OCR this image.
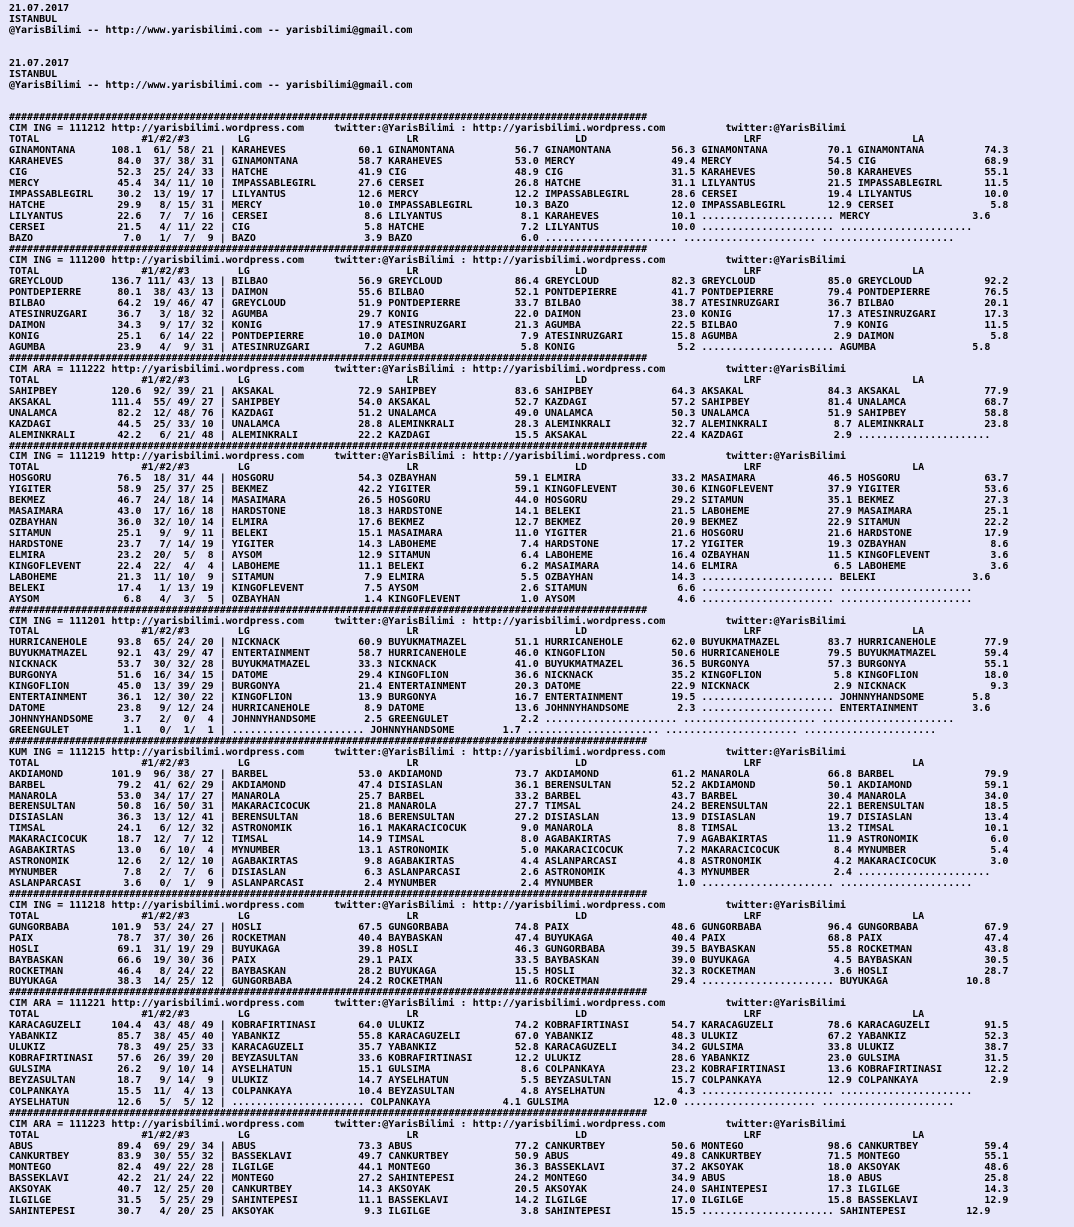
21.07.2017
ISTANBUL
@YarisBilimi -- http://www.yarisbilimi.com -- yarisbilimi@gmail.com

21.07.2017
ISTANBUL
@YarisBilimi -- http://www.yarisbilimi.com -- yarisbilimi@gmail.com

##########################################################################################################
CIM ING = 111212 http://yarisbilimi.wordpress.com     twitter:@YarisBilimi : http://yarisbilimi.wordpress.com          twitter:@YarisBilimi
TOTAL                 #1/#2/#3        LG                          LR                          LD                          LRF                         LA
GINAMONTANA      108.1  61/ 58/ 21 | KARAHEVES            60.1 GINAMONTANA          56.7 GINAMONTANA          56.3 GINAMONTANA          70.1 GINAMONTANA          74.3
KARAHEVES         84.0  37/ 38/ 31 | GINAMONTANA          58.7 KARAHEVES            53.0 MERCY                49.4 MERCY                54.5 CIG                  68.9
CIG               52.3  25/ 24/ 33 | HATCHE               41.9 CIG                  48.9 CIG                  31.5 KARAHEVES            50.8 KARAHEVES            55.1
MERCY             45.4  34/ 11/ 10 | IMPASSABLEGIRL       27.6 CERSEI               26.8 HATCHE               31.1 LILYANTUS            21.5 IMPASSABLEGIRL       11.5
IMPASSABLEGIRL    30.2  13/ 19/ 17 | LILYANTUS            12.6 MERCY                12.2 IMPASSABLEGIRL       28.6 CERSEI               19.4 LILYANTUS            10.0
HATCHE            29.9   8/ 15/ 31 | MERCY                10.0 IMPASSABLEGIRL       10.3 BAZO                 12.0 IMPASSABLEGIRL       12.9 CERSEI                5.8
LILYANTUS         22.6   7/  7/ 16 | CERSEI                8.6 LILYANTUS             8.1 KARAHEVES            10.1 ...................... MERCY                 3.6
CERSEI            21.5   4/ 11/ 22 | CIG                   5.8 HATCHE                7.2 LILYANTUS            10.0 ...................... ......................
BAZO               7.0   1/  7/  9 | BAZO                  3.9 BAZO                  6.0 ...................... ...................... ......................
##########################################################################################################
CIM ING = 111200 http://yarisbilimi.wordpress.com     twitter:@YarisBilimi : http://yarisbilimi.wordpress.com          twitter:@YarisBilimi
TOTAL                 #1/#2/#3        LG                          LR                          LD                          LRF                         LA
GREYCLOUD        136.7 111/ 43/ 13 | BILBAO               56.9 GREYCLOUD            86.4 GREYCLOUD            82.3 GREYCLOUD            85.0 GREYCLOUD            92.2
PONTDEPIERRE      80.1  38/ 43/ 13 | DAIMON               55.6 BILBAO               52.1 PONTDEPIERRE         41.7 PONTDEPIERRE         79.4 PONTDEPIERRE         76.5
BILBAO            64.2  19/ 46/ 47 | GREYCLOUD            51.9 PONTDEPIERRE         33.7 BILBAO               38.7 ATESINRUZGARI        36.7 BILBAO               20.1
ATESINRUZGARI     36.7   3/ 18/ 32 | AGUMBA               29.7 KONIG                22.0 DAIMON               23.0 KONIG                17.3 ATESINRUZGARI        17.3
DAIMON            34.3   9/ 17/ 32 | KONIG                17.9 ATESINRUZGARI        21.3 AGUMBA               22.5 BILBAO                7.9 KONIG                11.5
KONIG             25.1   6/ 14/ 22 | PONTDEPIERRE         10.0 DAIMON                7.9 ATESINRUZGARI        15.8 AGUMBA                2.9 DAIMON                5.8
AGUMBA            23.9   4/  9/ 31 | ATESINRUZGARI         7.2 AGUMBA                5.8 KONIG                 5.2 ...................... AGUMBA                5.8
##########################################################################################################
CIM ARA = 111222 http://yarisbilimi.wordpress.com     twitter:@YarisBilimi : http://yarisbilimi.wordpress.com          twitter:@YarisBilimi
TOTAL                 #1/#2/#3        LG                          LR                          LD                          LRF                         LA
SAHIPBEY         120.6  92/ 39/ 21 | AKSAKAL              72.9 SAHIPBEY             83.6 SAHIPBEY             64.3 AKSAKAL              84.3 AKSAKAL              77.9
AKSAKAL          111.4  55/ 49/ 27 | SAHIPBEY             54.0 AKSAKAL              52.7 KAZDAGI              57.2 SAHIPBEY             81.4 UNALAMCA             68.7
UNALAMCA          82.2  12/ 48/ 76 | KAZDAGI              51.2 UNALAMCA             49.0 UNALAMCA             50.3 UNALAMCA             51.9 SAHIPBEY             58.8
KAZDAGI           44.5  25/ 33/ 10 | UNALAMCA             28.8 ALEMINKRALI          28.3 ALEMINKRALI          32.7 ALEMINKRALI           8.7 ALEMINKRALI          23.8
ALEMINKRALI       42.2   6/ 21/ 48 | ALEMINKRALI          22.2 KAZDAGI              15.5 AKSAKAL              22.4 KAZDAGI               2.9 ......................
##########################################################################################################
CIM ING = 111219 http://yarisbilimi.wordpress.com     twitter:@YarisBilimi : http://yarisbilimi.wordpress.com          twitter:@YarisBilimi
TOTAL                 #1/#2/#3        LG                          LR                          LD                          LRF                         LA
HOSGORU           76.5  18/ 31/ 44 | HOSGORU              54.3 OZBAYHAN             59.1 ELMIRA               33.2 MASAIMARA            46.5 HOSGORU              63.7
YIGITER           58.9  25/ 37/ 25 | BEKMEZ               42.2 YIGITER              59.1 KINGOFLEVENT         30.6 KINGOFLEVENT         37.9 YIGITER              53.6
BEKMEZ            46.7  24/ 18/ 14 | MASAIMARA            26.5 HOSGORU              44.0 HOSGORU              29.2 SITAMUN              35.1 BEKMEZ               27.3
MASAIMARA         43.0  17/ 16/ 18 | HARDSTONE            18.3 HARDSTONE            14.1 BELEKI               21.5 LABOHEME             27.9 MASAIMARA            25.1
OZBAYHAN          36.0  32/ 10/ 14 | ELMIRA               17.6 BEKMEZ               12.7 BEKMEZ               20.9 BEKMEZ               22.9 SITAMUN              22.2
SITAMUN           25.1   9/  9/ 11 | BELEKI               15.1 MASAIMARA            11.0 YIGITER              21.6 HOSGORU              21.6 HARDSTONE            17.9
HARDSTONE         23.7   7/ 14/ 19 | YIGITER              14.3 LABOHEME              7.4 HARDSTONE            17.2 YIGITER              19.3 OZBAYHAN              8.6
ELMIRA            23.2  20/  5/  8 | AYSOM                12.9 SITAMUN               6.4 LABOHEME             16.4 OZBAYHAN             11.5 KINGOFLEVENT          3.6
KINGOFLEVENT      22.4  22/  4/  4 | LABOHEME             11.1 BELEKI                6.2 MASAIMARA            14.6 ELMIRA                6.5 LABOHEME              3.6
LABOHEME          21.3  11/ 10/  9 | SITAMUN               7.9 ELMIRA                5.5 OZBAYHAN             14.3 ...................... BELEKI                3.6
BELEKI            17.4   1/ 13/ 19 | KINGOFLEVENT          7.5 AYSOM                 2.6 SITAMUN               6.6 ...................... ......................
AYSOM              6.8   4/  3/  5 | OZBAYHAN              1.4 KINGOFLEVENT          1.0 AYSOM                 4.6 ...................... ......................
##########################################################################################################
CIM ING = 111201 http://yarisbilimi.wordpress.com     twitter:@YarisBilimi : http://yarisbilimi.wordpress.com          twitter:@YarisBilimi
TOTAL                 #1/#2/#3        LG                          LR                          LD                          LRF                         LA
HURRICANEHOLE     93.8  65/ 24/ 20 | NICKNACK             60.9 BUYUKMATMAZEL        51.1 HURRICANEHOLE        62.0 BUYUKMATMAZEL        83.7 HURRICANEHOLE        77.9
BUYUKMATMAZEL     92.1  43/ 29/ 47 | ENTERTAINMENT        58.7 HURRICANEHOLE        46.0 KINGOFLION           50.6 HURRICANEHOLE        79.5 BUYUKMATMAZEL        59.4
NICKNACK          53.7  30/ 32/ 28 | BUYUKMATMAZEL        33.3 NICKNACK             41.0 BUYUKMATMAZEL        36.5 BURGONYA             57.3 BURGONYA             55.1
BURGONYA          51.6  16/ 34/ 15 | DATOME               29.4 KINGOFLION           36.6 NICKNACK             35.2 KINGOFLION            5.8 KINGOFLION           18.0
KINGOFLION        45.0  13/ 39/ 29 | BURGONYA             21.4 ENTERTAINMENT        20.3 DATOME               22.9 NICKNACK              2.9 NICKNACK              9.3
ENTERTAINMENT     36.1  12/ 30/ 22 | KINGOFLION           13.9 BURGONYA             16.7 ENTERTAINMENT        19.5 ...................... JOHNNYHANDSOME        5.8
DATOME            23.8   9/ 12/ 24 | HURRICANEHOLE         8.9 DATOME               13.6 JOHNNYHANDSOME        2.3 ...................... ENTERTAINMENT         3.6
JOHNNYHANDSOME     3.7   2/  0/  4 | JOHNNYHANDSOME        2.5 GREENGULET            2.2 ...................... ...................... ......................
GREENGULET         1.1   0/  1/  1 | ...................... JOHNNYHANDSOME        1.7 ...................... ...................... ......................
##########################################################################################################
KUM ING = 111215 http://yarisbilimi.wordpress.com     twitter:@YarisBilimi : http://yarisbilimi.wordpress.com          twitter:@YarisBilimi
TOTAL                 #1/#2/#3        LG                          LR                          LD                          LRF                         LA
AKDIAMOND        101.9  96/ 38/ 27 | BARBEL               53.0 AKDIAMOND            73.7 AKDIAMOND            61.2 MANAROLA             66.8 BARBEL               79.9
BARBEL            79.2  41/ 62/ 29 | AKDIAMOND            47.4 DISIASLAN            36.1 BERENSULTAN          52.2 AKDIAMOND            50.1 AKDIAMOND            59.1
MANAROLA          53.0  34/ 17/ 27 | MANAROLA             25.7 BARBEL               33.2 BARBEL               43.7 BARBEL               30.4 MANAROLA             34.0
BERENSULTAN       50.8  16/ 50/ 31 | MAKARACICOCUK        21.8 MANAROLA             27.7 TIMSAL               24.2 BERENSULTAN          22.1 BERENSULTAN          18.5
DISIASLAN         36.3  13/ 12/ 41 | BERENSULTAN          18.6 BERENSULTAN          27.2 DISIASLAN            13.9 DISIASLAN            19.7 DISIASLAN            13.4
TIMSAL            24.1   6/ 12/ 32 | ASTRONOMIK           16.1 MAKARACICOCUK         9.0 MANAROLA              8.8 TIMSAL               13.2 TIMSAL               10.1
MAKARACICOCUK     18.7  12/  7/ 12 | TIMSAL               14.9 TIMSAL                8.0 AGABAKIRTAS           7.9 AGABAKIRTAS          11.9 ASTRONOMIK            6.0
AGABAKIRTAS       13.0   6/ 10/  4 | MYNUMBER             13.1 ASTRONOMIK            5.0 MAKARACICOCUK         7.2 MAKARACICOCUK         8.4 MYNUMBER              5.4
ASTRONOMIK        12.6   2/ 12/ 10 | AGABAKIRTAS           9.8 AGABAKIRTAS           4.4 ASLANPARCASI          4.8 ASTRONOMIK            4.2 MAKARACICOCUK         3.0
MYNUMBER           7.8   2/  7/  6 | DISIASLAN             6.3 ASLANPARCASI          2.6 ASTRONOMIK            4.3 MYNUMBER              2.4 ......................
ASLANPARCASI       3.6   0/  1/  9 | ASLANPARCASI          2.4 MYNUMBER              2.4 MYNUMBER              1.0 ...................... ......................
##########################################################################################################
CIM ING = 111218 http://yarisbilimi.wordpress.com     twitter:@YarisBilimi : http://yarisbilimi.wordpress.com          twitter:@YarisBilimi
TOTAL                 #1/#2/#3        LG                          LR                          LD                          LRF                         LA
GUNGORBABA       101.9  53/ 24/ 27 | HOSLI                67.5 GUNGORBABA           74.8 PAIX                 48.6 GUNGORBABA           96.4 GUNGORBABA           67.9
PAIX              78.7  37/ 30/ 26 | ROCKETMAN            40.4 BAYBASKAN            47.4 BUYUKAGA             40.4 PAIX                 68.8 PAIX                 47.4
HOSLI             69.1  31/ 19/ 29 | BUYUKAGA             39.8 HOSLI                46.3 GUNGORBABA           39.5 BAYBASKAN            55.8 ROCKETMAN            43.8
BAYBASKAN         66.6  19/ 30/ 36 | PAIX                 29.1 PAIX                 33.5 BAYBASKAN            39.0 BUYUKAGA              4.5 BAYBASKAN            30.5
ROCKETMAN         46.4   8/ 24/ 22 | BAYBASKAN            28.2 BUYUKAGA             15.5 HOSLI                32.3 ROCKETMAN             3.6 HOSLI                28.7
BUYUKAGA          38.3  14/ 25/ 12 | GUNGORBABA           24.2 ROCKETMAN            11.6 ROCKETMAN            29.4 ...................... BUYUKAGA             10.8
##########################################################################################################
CIM ARA = 111221 http://yarisbilimi.wordpress.com     twitter:@YarisBilimi : http://yarisbilimi.wordpress.com          twitter:@YarisBilimi
TOTAL                 #1/#2/#3        LG                          LR                          LD                          LRF                         LA
KARACAGUZELI     104.4  43/ 48/ 49 | KOBRAFIRTINASI       64.0 ULUKIZ               74.2 KOBRAFIRTINASI       54.7 KARACAGUZELI         78.6 KARACAGUZELI         91.5
YABANKIZ          85.7  38/ 45/ 40 | YABANKIZ             55.8 KARACAGUZELI         67.0 YABANKIZ             48.3 ULUKIZ               67.2 YABANKIZ             52.3
ULUKIZ            78.3  49/ 25/ 33 | KARACAGUZELI         35.7 YABANKIZ             52.8 KARACAGUZELI         34.2 GULSIMA              33.8 ULUKIZ               38.7
KOBRAFIRTINASI    57.6  26/ 39/ 20 | BEYZASULTAN          33.6 KOBRAFIRTINASI       12.2 ULUKIZ               28.6 YABANKIZ             23.0 GULSIMA              31.5
GULSIMA           26.2   9/ 10/ 14 | AYSELHATUN           15.1 GULSIMA               8.6 COLPANKAYA           23.2 KOBRAFIRTINASI       13.6 KOBRAFIRTINASI       12.2
BEYZASULTAN       18.7   9/ 14/  9 | ULUKIZ               14.7 AYSELHATUN            5.5 BEYZASULTAN          15.7 COLPANKAYA           12.9 COLPANKAYA            2.9
COLPANKAYA        15.5  11/  4/ 13 | COLPANKAYA           10.4 BEYZASULTAN           4.8 AYSELHATUN            4.3 ...................... ......................
AYSELHATUN        12.6   5/  5/ 12 | ...................... COLPANKAYA            4.1 GULSIMA              12.0 ...................... ......................
##########################################################################################################
CIM ARA = 111223 http://yarisbilimi.wordpress.com     twitter:@YarisBilimi : http://yarisbilimi.wordpress.com          twitter:@YarisBilimi
TOTAL                 #1/#2/#3        LG                          LR                          LD                          LRF                         LA
ABUS              89.4  69/ 29/ 34 | ABUS                 73.3 ABUS                 77.2 CANKURTBEY           50.6 MONTEGO              98.6 CANKURTBEY           59.4
CANKURTBEY        83.9  30/ 55/ 32 | BASSEKLAVI           49.7 CANKURTBEY           50.9 ABUS                 49.8 CANKURTBEY           71.5 MONTEGO              55.1
MONTEGO           82.4  49/ 22/ 28 | ILGILGE              44.1 MONTEGO              36.3 BASSEKLAVI           37.2 AKSOYAK              18.0 AKSOYAK              48.6
BASSEKLAVI        42.2  21/ 24/ 22 | MONTEGO              27.2 SAHINTEPESI          24.2 MONTEGO              34.9 ABUS                 18.0 ABUS                 25.8
AKSOYAK           40.7  12/ 25/ 20 | CANKURTBEY           14.3 AKSOYAK              20.5 AKSOYAK              24.0 SAHINTEPESI          17.3 ILGILGE              14.3
ILGILGE           31.5   5/ 25/ 29 | SAHINTEPESI          11.1 BASSEKLAVI           14.2 ILGILGE              17.0 ILGILGE              15.8 BASSEKLAVI           12.9
SAHINTEPESI       30.7   4/ 20/ 25 | AKSOYAK               9.3 ILGILGE               3.8 SAHINTEPESI          15.5 ...................... SAHINTEPESI          12.9
